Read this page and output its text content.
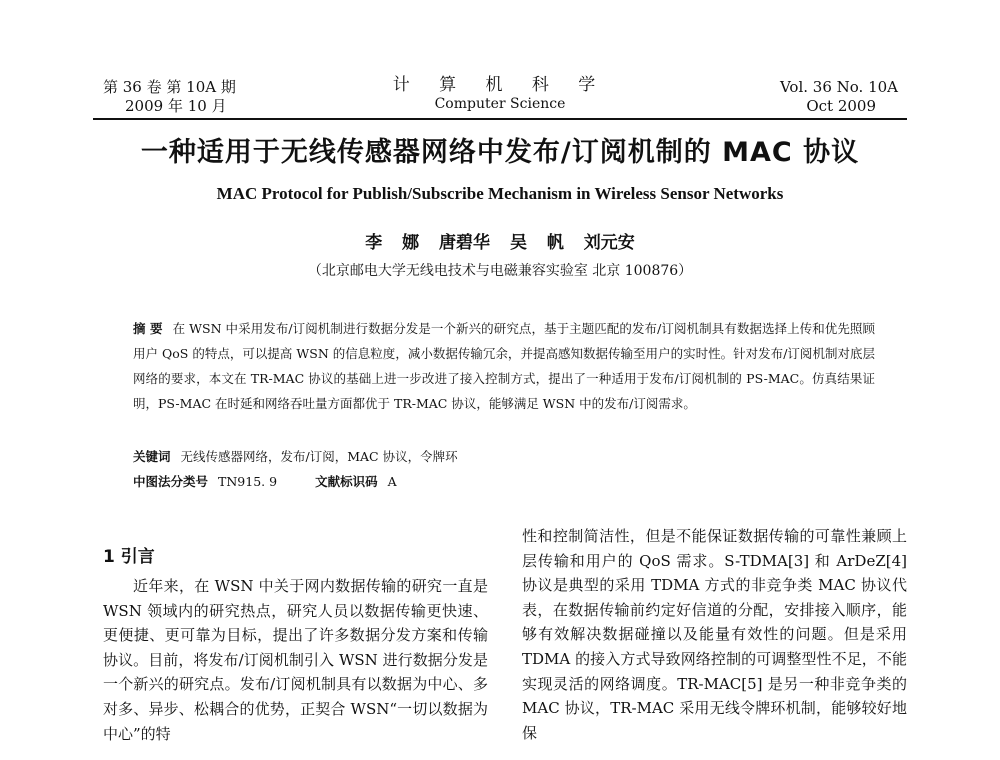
第 36 卷 第 10A 期
2009 年 10 月
计 算 机 科 学
Computer Science
Vol. 36 No. 10A
Oct 2009
一种适用于无线传感器网络中发布/订阅机制的 MAC 协议
MAC Protocol for Publish/Subscribe Mechanism in Wireless Sensor Networks
李 娜 唐碧华 吴 帆 刘元安
（北京邮电大学无线电技术与电磁兼容实验室 北京 100876）
摘 要 在 WSN 中采用发布/订阅机制进行数据分发是一个新兴的研究点，基于主题匹配的发布/订阅机制具有数据选择上传和优先照顾用户 QoS 的特点，可以提高 WSN 的信息粒度，减小数据传输冗余，并提高感知数据传输至用户的实时性。针对发布/订阅机制对底层网络的要求，本文在 TR-MAC 协议的基础上进一步改进了接入控制方式，提出了一种适用于发布/订阅机制的 PS-MAC。仿真结果证明，PS-MAC 在时延和网络吞吐量方面都优于 TR-MAC 协议，能够满足 WSN 中的发布/订阅需求。
关键词 无线传感器网络，发布/订阅，MAC 协议，令牌环
中图法分类号 TN915. 9	文献标识码 A
1 引言
近年来，在 WSN 中关于网内数据传输的研究一直是 WSN 领域内的研究热点，研究人员以数据传输更快速、更便捷、更可靠为目标，提出了许多数据分发方案和传输协议。目前，将发布/订阅机制引入 WSN 进行数据分发是一个新兴的研究点。发布/订阅机制具有以数据为中心、多对多、异步、松耦合的优势，正契合 WSN“一切以数据为中心”的特
性和控制简洁性，但是不能保证数据传输的可靠性兼顾上层传输和用户的 QoS 需求。S-TDMA[3] 和 ArDeZ[4] 协议是典型的采用 TDMA 方式的非竞争类 MAC 协议代表，在数据传输前约定好信道的分配，安排接入顺序，能够有效解决数据碰撞以及能量有效性的问题。但是采用 TDMA 的接入方式导致网络控制的可调整型性不足，不能实现灵活的网络调度。TR-MAC[5] 是另一种非竞争类的 MAC 协议，TR-MAC 采用无线令牌环机制，能够较好地保
